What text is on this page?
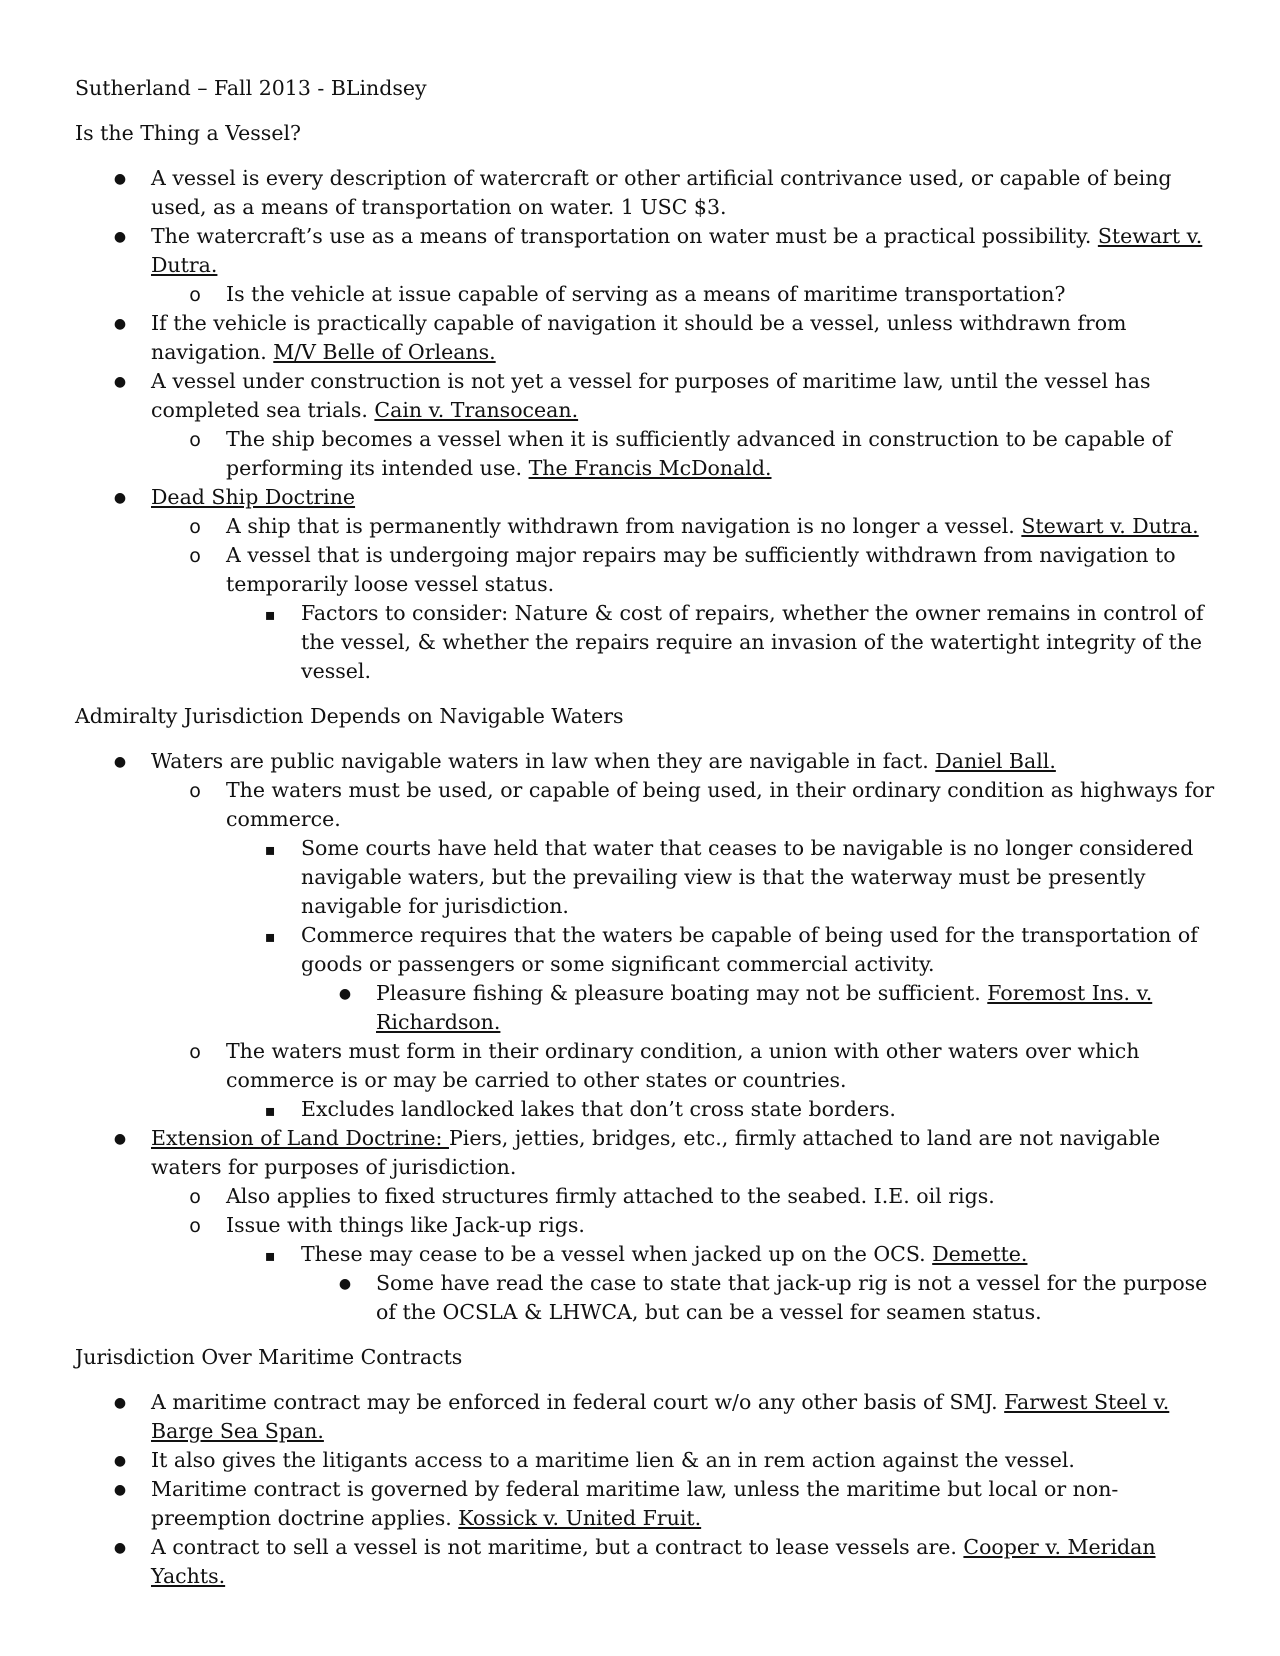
Sutherland – Fall 2013 - BLindsey

Is the Thing a Vessel?

●
A vessel is every description of watercraft or other artificial contrivance used, or capable of being used, as a means of transportation on water. 1 USC $3.
●
The watercraft’s use as a means of transportation on water must be a practical possibility. Stewart v. Dutra.
o
Is the vehicle at issue capable of serving as a means of maritime transportation?
●
If the vehicle is practically capable of navigation it should be a vessel, unless withdrawn from navigation. M/V Belle of Orleans.
●
A vessel under construction is not yet a vessel for purposes of maritime law, until the vessel has completed sea trials. Cain v. Transocean.
o
The ship becomes a vessel when it is sufficiently advanced in construction to be capable of performing its intended use. The Francis McDonald.
●
Dead Ship Doctrine
o
A ship that is permanently withdrawn from navigation is no longer a vessel. Stewart v. Dutra.
o
A vessel that is undergoing major repairs may be sufficiently withdrawn from navigation to temporarily loose vessel status.
▪
Factors to consider: Nature & cost of repairs, whether the owner remains in control of the vessel, & whether the repairs require an invasion of the watertight integrity of the vessel.

Admiralty Jurisdiction Depends on Navigable Waters

●
Waters are public navigable waters in law when they are navigable in fact. Daniel Ball.
o
The waters must be used, or capable of being used, in their ordinary condition as highways for commerce.
▪
Some courts have held that water that ceases to be navigable is no longer considered navigable waters, but the prevailing view is that the waterway must be presently navigable for jurisdiction.
▪
Commerce requires that the waters be capable of being used for the transportation of goods or passengers or some significant commercial activity.
●
Pleasure fishing & pleasure boating may not be sufficient. Foremost Ins. v. Richardson.
o
The waters must form in their ordinary condition, a union with other waters over which commerce is or may be carried to other states or countries.
▪
Excludes landlocked lakes that don’t cross state borders.
●
Extension of Land Doctrine: Piers, jetties, bridges, etc., firmly attached to land are not navigable waters for purposes of jurisdiction.
o
Also applies to fixed structures firmly attached to the seabed. I.E. oil rigs.
o
Issue with things like Jack-up rigs.
▪
These may cease to be a vessel when jacked up on the OCS. Demette.
●
Some have read the case to state that jack-up rig is not a vessel for the purpose of the OCSLA & LHWCA, but can be a vessel for seamen status.

Jurisdiction Over Maritime Contracts

●
A maritime contract may be enforced in federal court w/o any other basis of SMJ. Farwest Steel v. Barge Sea Span.
●
It also gives the litigants access to a maritime lien & an in rem action against the vessel.
●
Maritime contract is governed by federal maritime law, unless the maritime but local or non-preemption doctrine applies. Kossick v. United Fruit.
●
A contract to sell a vessel is not maritime, but a contract to lease vessels are. Cooper v. Meridan Yachts.
